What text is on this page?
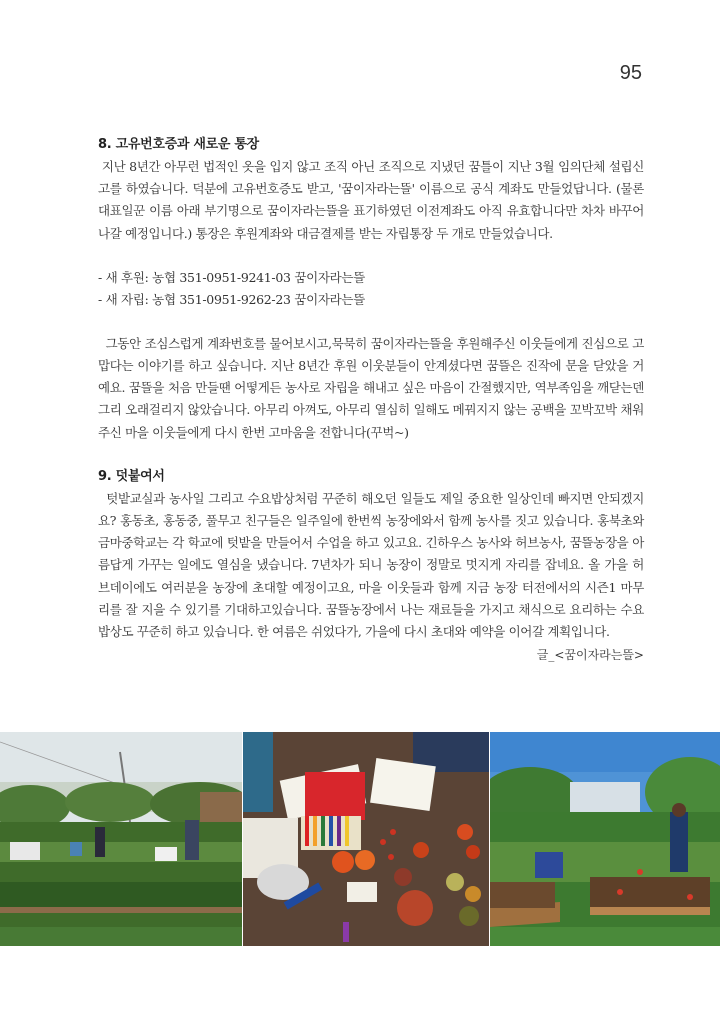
95
8. 고유번호증과 새로운 통장

지난 8년간 아무런 법적인 옷을 입지 않고 조직 아닌 조직으로 지냈던 꿈틀이 지난 3월 임의단체 설립신고를 하였습니다. 덕분에 고유번호증도 받고, '꿈이자라는뜰' 이름으로 공식 계좌도 만들었답니다. (물론 대표일꾼 이름 아래 부기명으로 꿈이자라는뜰을 표기하였던 이전계좌도 아직 유효합니다만 차차 바꾸어 나갈 예정입니다.) 통장은 후원계좌와 대금결제를 받는 자립통장 두 개로 만들었습니다.

- 새 후원: 농협 351-0951-9241-03 꿈이자라는뜰

- 새 자립: 농협 351-0951-9262-23 꿈이자라는뜰

그동안 조심스럽게 계좌번호를 물어보시고,묵묵히 꿈이자라는뜰을 후원해주신 이웃들에게 진심으로 고맙다는 이야기를 하고 싶습니다. 지난 8년간 후원 이웃분들이 안계셨다면 꿈뜰은 진작에 문을 닫았을 거예요. 꿈뜰을 처음 만들땐 어떻게든 농사로 자립을 해내고 싶은 마음이 간절했지만, 역부족임을 깨닫는덴 그리 오래걸리지 않았습니다. 아무리 아껴도, 아무리 열심히 일해도 메꿔지지 않는 공백을 꼬박꼬박 채워주신 마을 이웃들에게 다시 한번 고마움을 전합니다(꾸벅~)

9. 덧붙여서

텃밭교실과 농사일 그리고 수요밥상처럼 꾸준히 해오던 일들도 제일 중요한 일상인데 빠지면 안되겠지요? 홍동초, 홍동중, 풀무고 친구들은 일주일에 한번씩 농장에와서 함께 농사를 짓고 있습니다. 홍북초와 금마중학교는 각 학교에 텃밭을 만들어서 수업을 하고 있고요. 긴하우스 농사와 허브농사, 꿈뜰농장을 아름답게 가꾸는 일에도 열심을 냈습니다. 7년차가 되니 농장이 정말로 멋지게 자리를 잡네요. 올 가을 허브데이에도 여러분을 농장에 초대할 예정이고요, 마을 이웃들과 함께 지금 농장 터전에서의 시즌1 마무리를 잘 지을 수 있기를 기대하고있습니다. 꿈뜰농장에서 나는 재료들을 가지고 채식으로 요리하는 수요밥상도 꾸준히 하고 있습니다. 한 여름은 쉬었다가, 가을에 다시 초대와 예약을 이어갈 계획입니다.

글_<꿈이자라는뜰>
